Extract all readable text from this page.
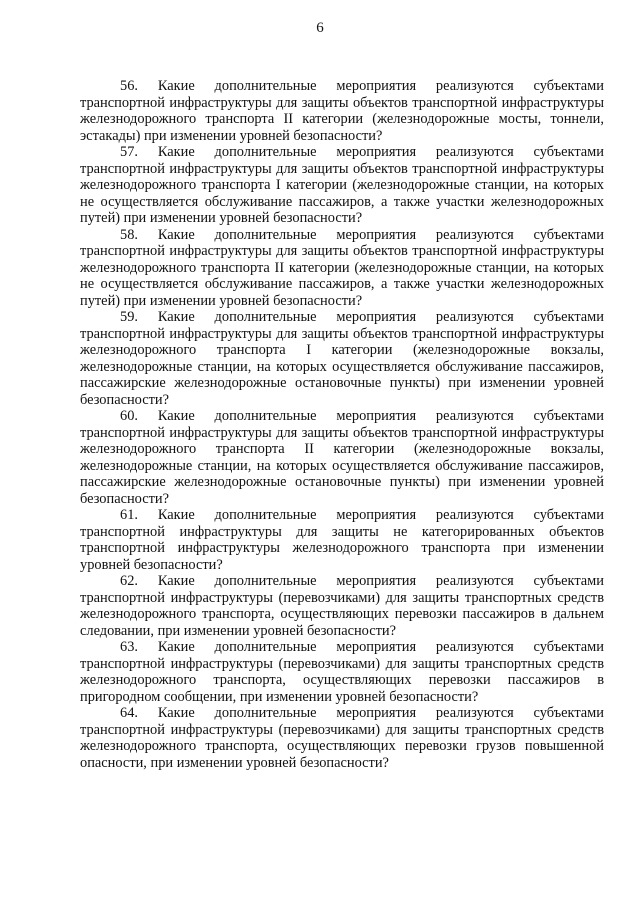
6

56. Какие дополнительные мероприятия реализуются субъектами транспортной инфраструктуры для защиты объектов транспортной инфраструктуры железнодорожного транспорта II категории (железнодорожные мосты, тоннели, эстакады) при изменении уровней безопасности?

57. Какие дополнительные мероприятия реализуются субъектами транспортной инфраструктуры для защиты объектов транспортной инфраструктуры железнодорожного транспорта I категории (железнодорожные станции, на которых не осуществляется обслуживание пассажиров, а также участки железнодорожных путей) при изменении уровней безопасности?

58. Какие дополнительные мероприятия реализуются субъектами транспортной инфраструктуры для защиты объектов транспортной инфраструктуры железнодорожного транспорта II категории (железнодорожные станции, на которых не осуществляется обслуживание пассажиров, а также участки железнодорожных путей) при изменении уровней безопасности?

59. Какие дополнительные мероприятия реализуются субъектами транспортной инфраструктуры для защиты объектов транспортной инфраструктуры железнодорожного транспорта I категории (железнодорожные вокзалы, железнодорожные станции, на которых осуществляется обслуживание пассажиров, пассажирские железнодорожные остановочные пункты) при изменении уровней безопасности?

60. Какие дополнительные мероприятия реализуются субъектами транспортной инфраструктуры для защиты объектов транспортной инфраструктуры железнодорожного транспорта II категории (железнодорожные вокзалы, железнодорожные станции, на которых осуществляется обслуживание пассажиров, пассажирские железнодорожные остановочные пункты) при изменении уровней безопасности?

61. Какие дополнительные мероприятия реализуются субъектами транспортной инфраструктуры для защиты не категорированных объектов транспортной инфраструктуры железнодорожного транспорта при изменении уровней безопасности?

62. Какие дополнительные мероприятия реализуются субъектами транспортной инфраструктуры (перевозчиками) для защиты транспортных средств железнодорожного транспорта, осуществляющих перевозки пассажиров в дальнем следовании, при изменении уровней безопасности?

63. Какие дополнительные мероприятия реализуются субъектами транспортной инфраструктуры (перевозчиками) для защиты транспортных средств железнодорожного транспорта, осуществляющих перевозки пассажиров в пригородном сообщении, при изменении уровней безопасности?

64. Какие дополнительные мероприятия реализуются субъектами транспортной инфраструктуры (перевозчиками) для защиты транспортных средств железнодорожного транспорта, осуществляющих перевозки грузов повышенной опасности, при изменении уровней безопасности?
